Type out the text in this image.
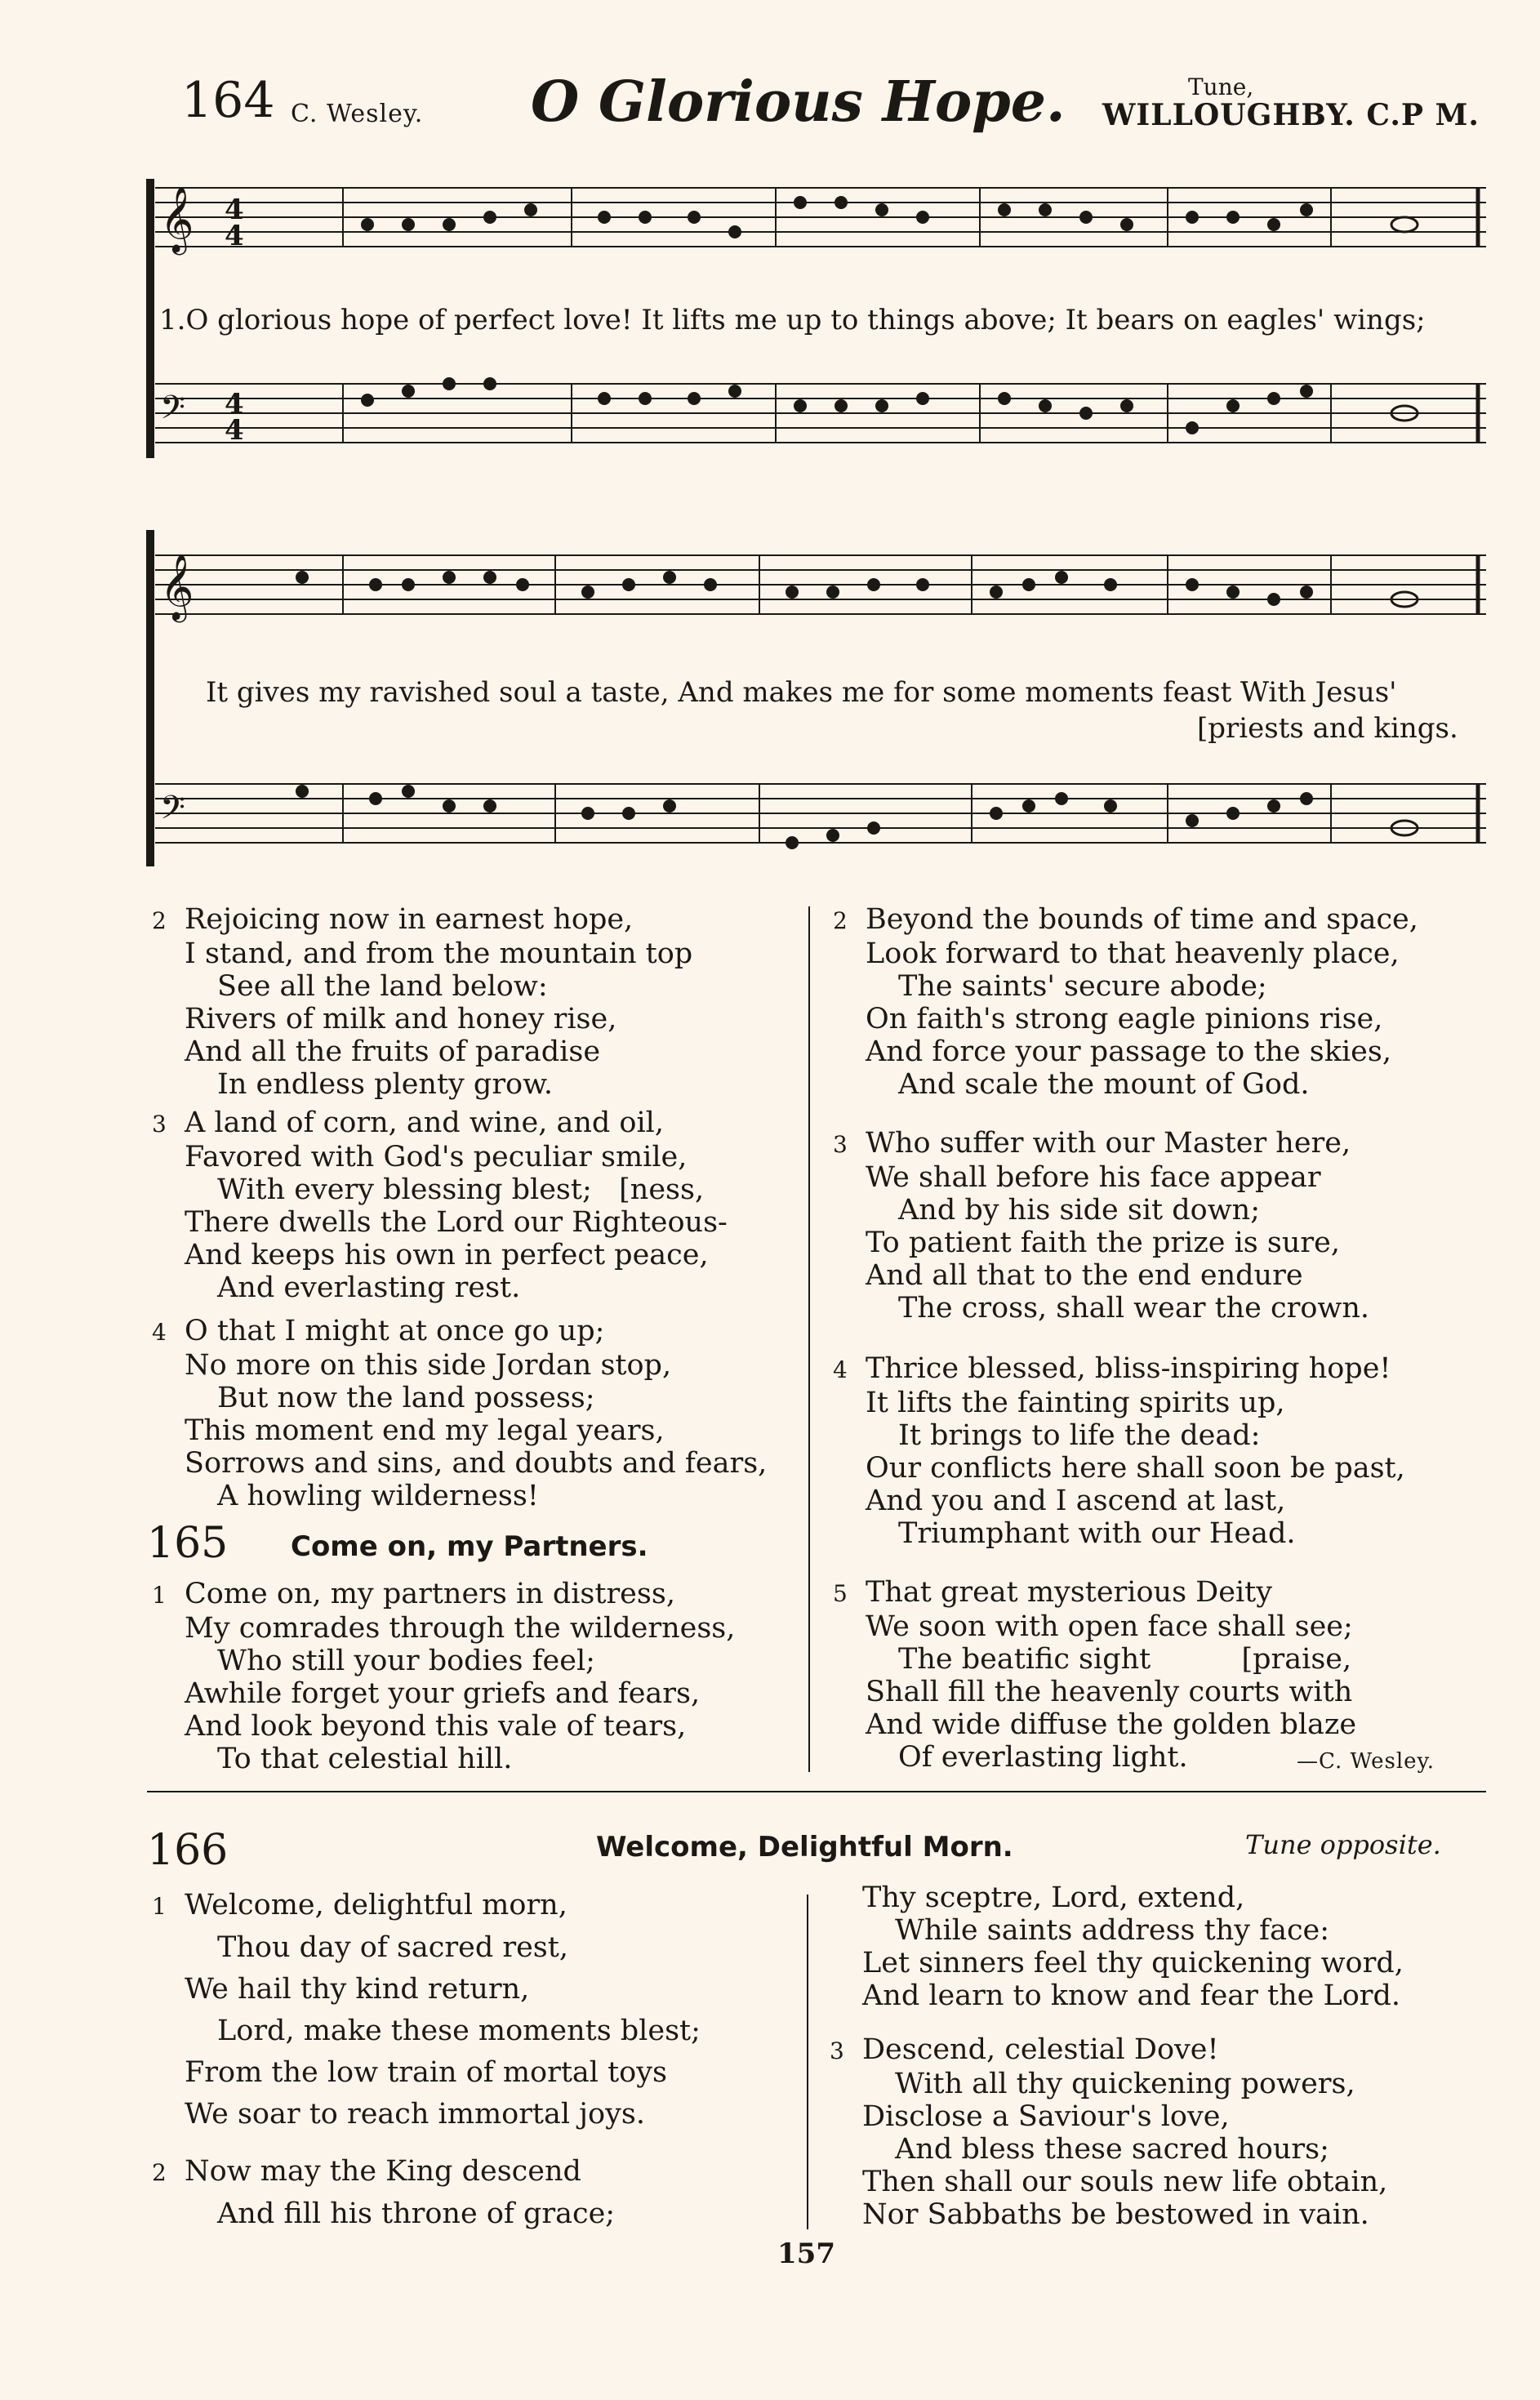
164 C. Wesley. O Glorious Hope.	Tune,
WILLOUGHBY. C.P M.
𝄞
𝄢
4
4
4
4
1.O glorious hope of perfect love! It lifts me up to things above; It bears on eagles' wings;
𝄞
𝄢
It gives my ravished soul a taste, And makes me for some moments feast With Jesus'
[priests and kings.
2 Rejoicing now in earnest hope,
I stand, and from the mountain top
See all the land below:
Rivers of milk and honey rise,
And all the fruits of paradise
In endless plenty grow.
3 A land of corn, and wine, and oil,
Favored with God's peculiar smile,
With every blessing blest;   [ness,
There dwells the Lord our Righteous-
And keeps his own in perfect peace,
And everlasting rest.
4 O that I might at once go up;
No more on this side Jordan stop,
But now the land possess;
This moment end my legal years,
Sorrows and sins, and doubts and fears,
A howling wilderness!
165 Come on, my Partners.
1 Come on, my partners in distress,
My comrades through the wilderness,
Who still your bodies feel;
Awhile forget your griefs and fears,
And look beyond this vale of tears,
To that celestial hill.
2 Beyond the bounds of time and space,
Look forward to that heavenly place,
The saints' secure abode;
On faith's strong eagle pinions rise,
And force your passage to the skies,
And scale the mount of God.
3 Who suffer with our Master here,
We shall before his face appear
And by his side sit down;
To patient faith the prize is sure,
And all that to the end endure
The cross, shall wear the crown.
4 Thrice blessed, bliss-inspiring hope!
It lifts the fainting spirits up,
It brings to life the dead:
Our conflicts here shall soon be past,
And you and I ascend at last,
Triumphant with our Head.
5 That great mysterious Deity
We soon with open face shall see;
The beatific sight          [praise,
Shall fill the heavenly courts with
And wide diffuse the golden blaze
Of everlasting light.	—C. Wesley.
166	Welcome, Delightful Morn.	Tune opposite.
1 Welcome, delightful morn,
Thou day of sacred rest,
We hail thy kind return,
Lord, make these moments blest;
From the low train of mortal toys
We soar to reach immortal joys.
2 Now may the King descend
And fill his throne of grace;
Thy sceptre, Lord, extend,
While saints address thy face:
Let sinners feel thy quickening word,
And learn to know and fear the Lord.
3 Descend, celestial Dove!
With all thy quickening powers,
Disclose a Saviour's love,
And bless these sacred hours;
Then shall our souls new life obtain,
Nor Sabbaths be bestowed in vain.
157
